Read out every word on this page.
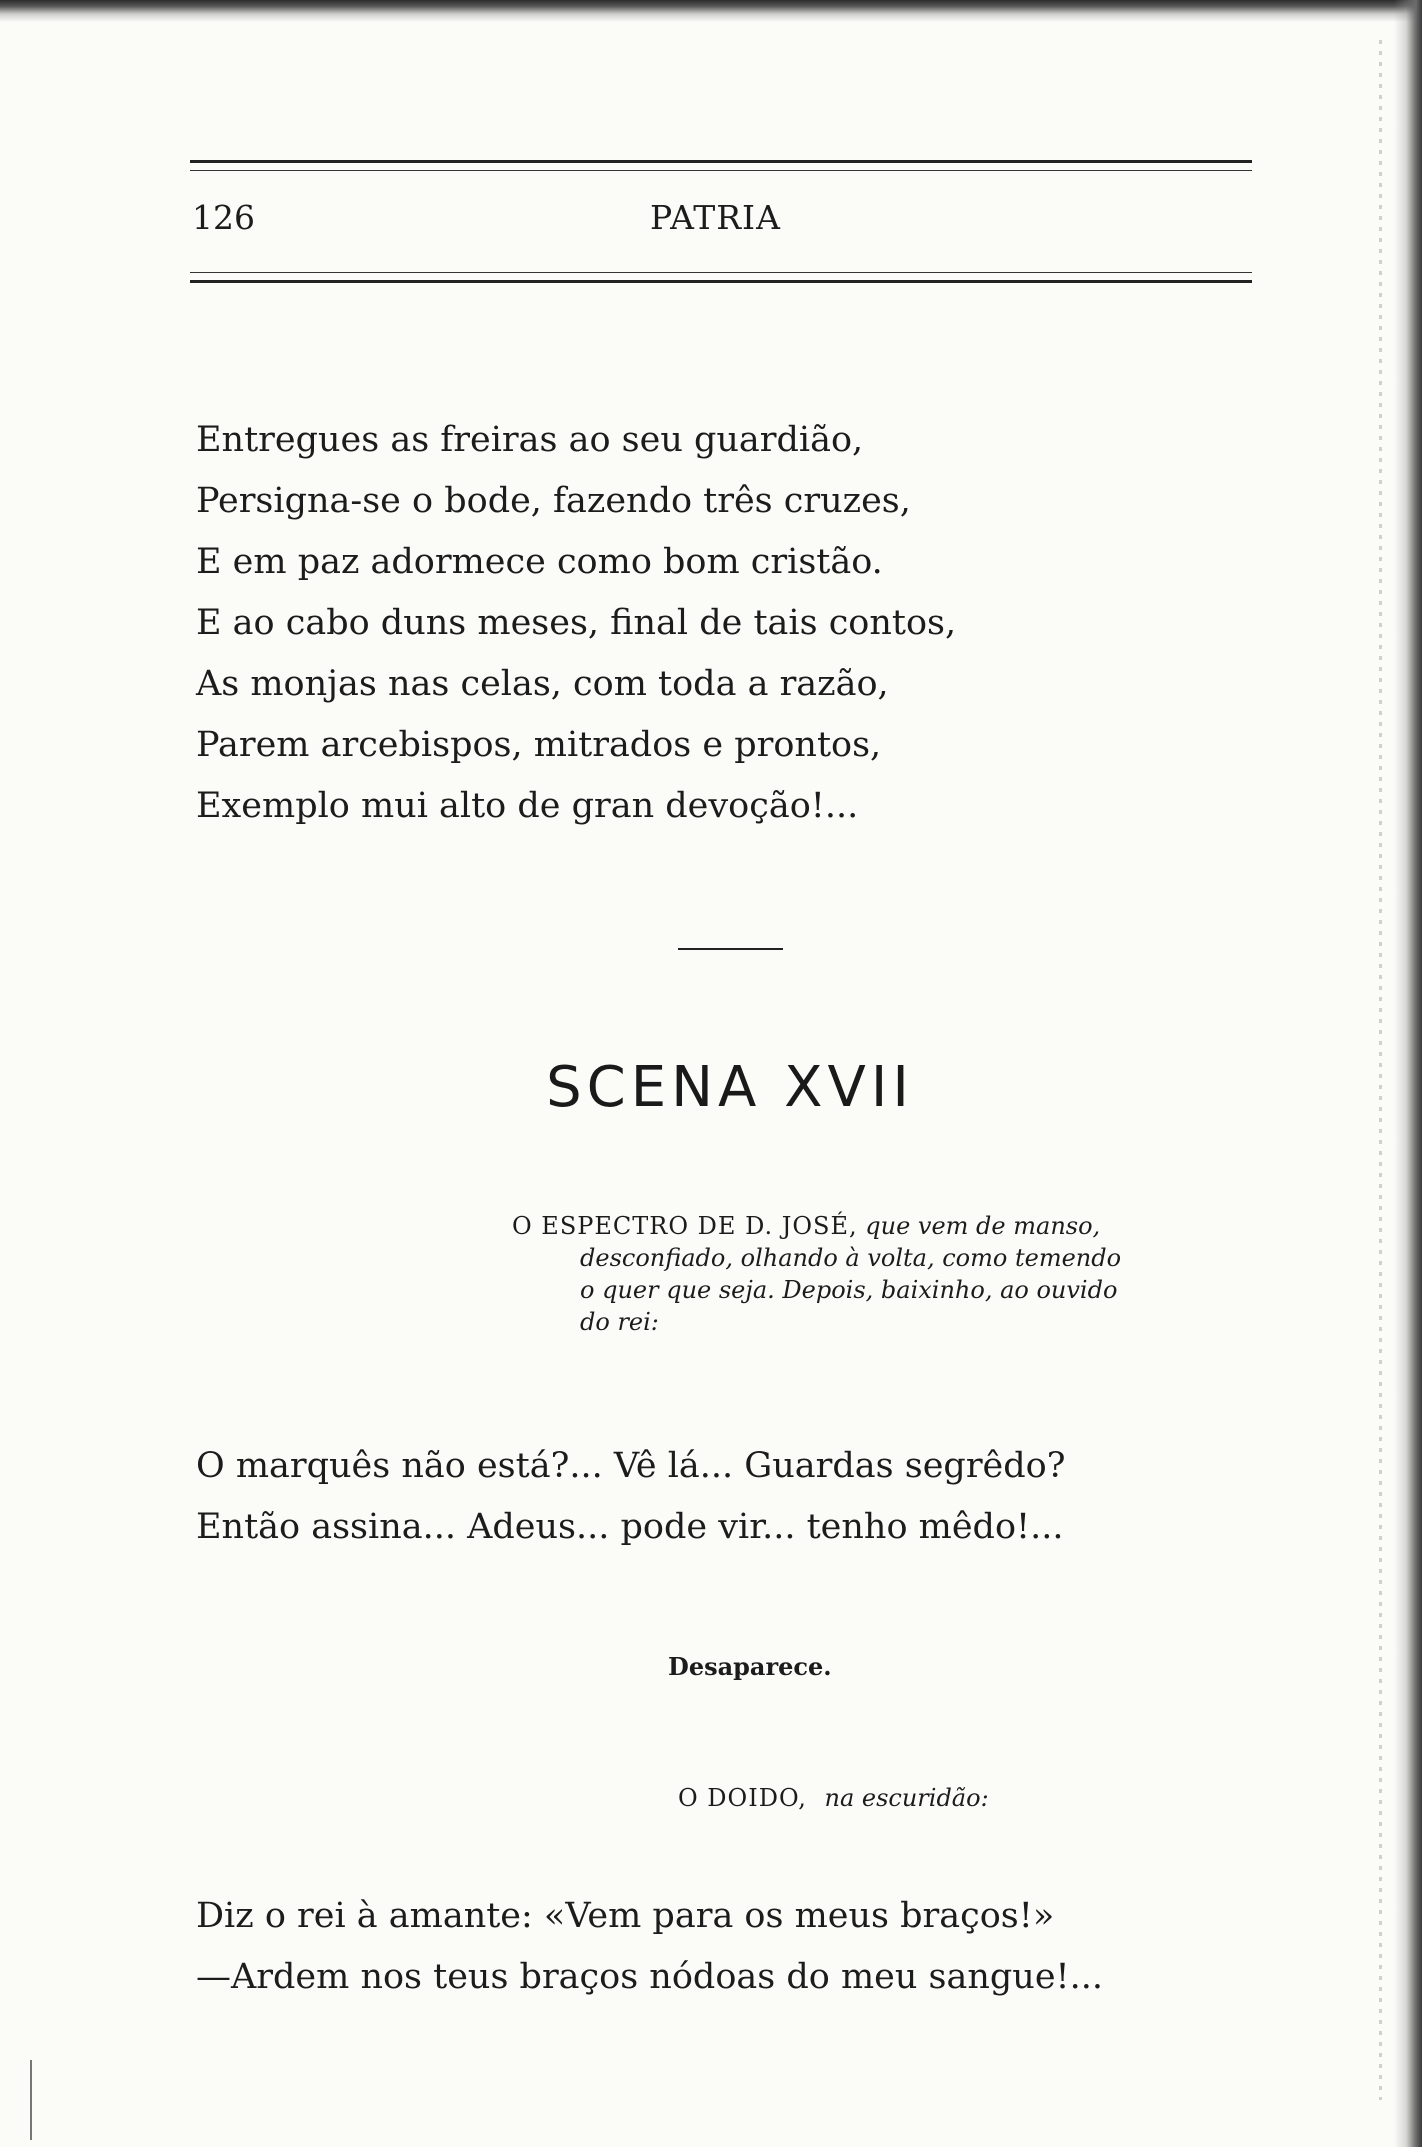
126	PATRIA
Entregues as freiras ao seu guardião,
Persigna-se o bode, fazendo três cruzes,
E em paz adormece como bom cristão.
E ao cabo duns meses, final de tais contos,
As monjas nas celas, com toda a razão,
Parem arcebispos, mitrados e prontos,
Exemplo mui alto de gran devoção!...
SCENA XVII
O ESPECTRO DE D. JOSÉ, que vem de manso,
desconfiado, olhando à volta, como temendo
o quer que seja. Depois, baixinho, ao ouvido
do rei:
O marquês não está?... Vê lá... Guardas segrêdo?
Então assina... Adeus... pode vir... tenho mêdo!...
Desaparece.
O DOIDO, na escuridão:
Diz o rei à amante: «Vem para os meus braços!»
—Ardem nos teus braços nódoas do meu sangue!...
